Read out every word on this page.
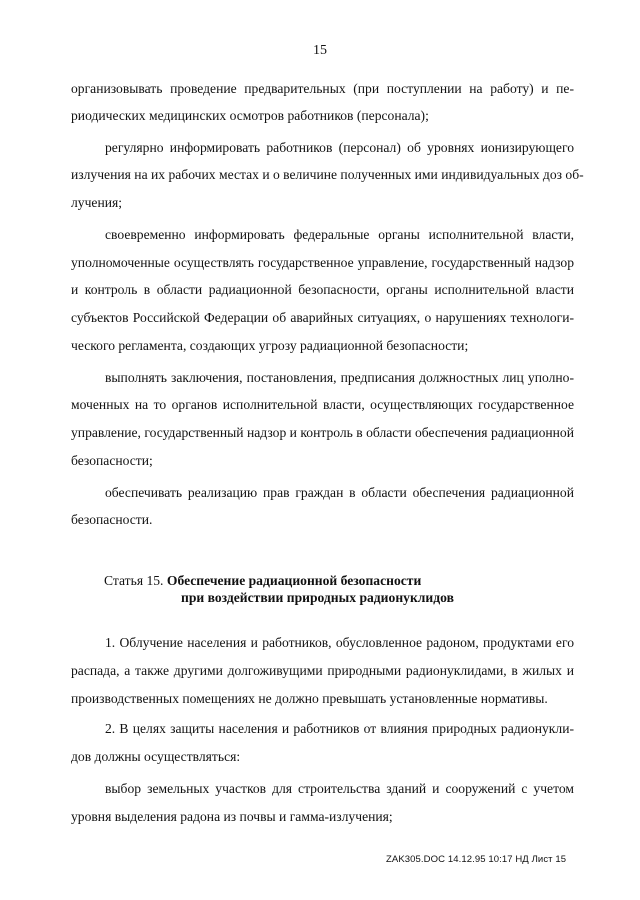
15
организовывать проведение предварительных (при поступлении на работу) и пе-
риодических медицинских осмотров работников (персонала);
регулярно информировать работников (персонал) об уровнях ионизирующего
излучения на их рабочих местах и о величине полученных ими индивидуальных доз об-
лучения;
своевременно информировать федеральные органы исполнительной власти,
уполномоченные осуществлять государственное управление, государственный надзор
и контроль в области радиационной безопасности, органы исполнительной власти
субъектов Российской Федерации об аварийных ситуациях, о нарушениях технологи-
ческого регламента, создающих угрозу радиационной безопасности;
выполнять заключения, постановления, предписания должностных лиц уполно-
моченных на то органов исполнительной власти, осуществляющих государственное
управление, государственный надзор и контроль в области обеспечения радиационной
безопасности;
обеспечивать реализацию прав граждан в области обеспечения радиационной
безопасности.
Статья 15. Обеспечение радиационной безопасности
при воздействии природных радионуклидов
1. Облучение населения и работников, обусловленное радоном, продуктами его
распада, а также другими долгоживущими природными радионуклидами, в жилых и
производственных помещениях не должно превышать установленные нормативы.
2. В целях защиты населения и работников от влияния природных радионукли-
дов должны осуществляться:
выбор земельных участков для строительства зданий и сооружений с учетом
уровня выделения радона из почвы и гамма-излучения;
ZAK305.DOC 14.12.95 10:17 НД Лист 15
